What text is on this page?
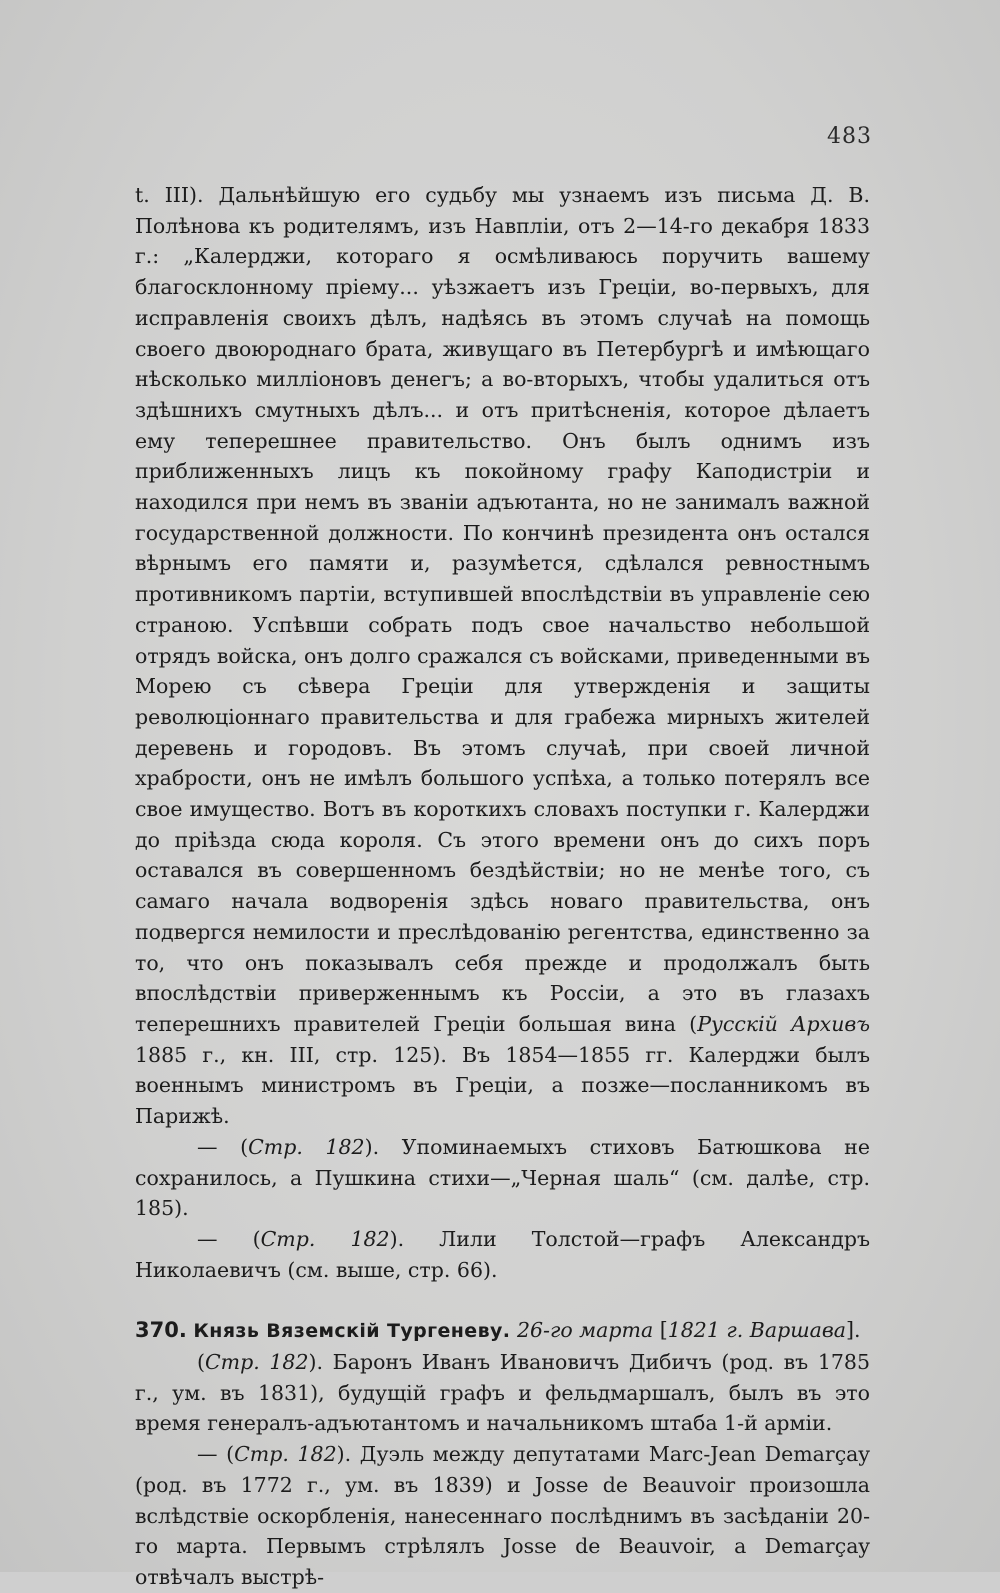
483

t. III). Дальнѣйшую его судьбу мы узнаемъ изъ письма Д. В. Полѣнова къ родителямъ, изъ Навпліи, отъ 2—14-го декабря 1833 г.: „Калерджи, котораго я осмѣливаюсь поручить вашему благосклонному пріему... уѣзжаетъ изъ Греціи, во-первыхъ, для исправленія своихъ дѣлъ, надѣясь въ этомъ случаѣ на помощь своего двоюроднаго брата, живущаго въ Петербургѣ и имѣющаго нѣсколько милліоновъ денегъ; а во-вторыхъ, чтобы удалиться отъ здѣшнихъ смутныхъ дѣлъ... и отъ притѣсненія, которое дѣлаетъ ему теперешнее правительство. Онъ былъ однимъ изъ приближенныхъ лицъ къ покойному графу Каподистріи и находился при немъ въ званіи адъютанта, но не занималъ важной государственной должности. По кончинѣ президента онъ остался вѣрнымъ его памяти и, разумѣется, сдѣлался ревностнымъ противникомъ партіи, вступившей впослѣдствіи въ управленіе сею страною. Успѣвши собрать подъ свое начальство небольшой отрядъ войска, онъ долго сражался съ войсками, приведенными въ Морею съ сѣвера Греціи для утвержденія и защиты революціоннаго правительства и для грабежа мирныхъ жителей деревень и городовъ. Въ этомъ случаѣ, при своей личной храбрости, онъ не имѣлъ большого успѣха, а только потерялъ все свое имущество. Вотъ въ короткихъ словахъ поступки г. Калерджи до пріѣзда сюда короля. Съ этого времени онъ до сихъ поръ оставался въ совершенномъ бездѣйствіи; но не менѣе того, съ самаго начала водворенія здѣсь новаго правительства, онъ подвергся немилости и преслѣдованію регентства, единственно за то, что онъ показывалъ себя прежде и продолжалъ быть впослѣдствіи приверженнымъ къ Россіи, а это въ глазахъ теперешнихъ правителей Греціи большая вина (Русскій Архивъ 1885 г., кн. III, стр. 125). Въ 1854—1855 гг. Калерджи былъ военнымъ министромъ въ Греціи, а позже—посланникомъ въ Парижѣ.

— (Стр. 182). Упоминаемыхъ стиховъ Батюшкова не сохранилось, а Пушкина стихи—„Черная шаль“ (см. далѣе, стр. 185).

— (Стр. 182). Лили Толстой—графъ Александръ Николаевичъ (см. выше, стр. 66).

370. Князь Вяземскій Тургеневу. 26-го марта [1821 г. Варшава].

(Стр. 182). Баронъ Иванъ Ивановичъ Дибичъ (род. въ 1785 г., ум. въ 1831), будущій графъ и фельдмаршалъ, былъ въ это время генералъ-адъютантомъ и начальникомъ штаба 1-й арміи.

— (Стр. 182). Дуэль между депутатами Marc-Jean Demarçay (род. въ 1772 г., ум. въ 1839) и Josse de Beauvoir произошла вслѣдствіе оскорбленія, нанесеннаго послѣднимъ въ засѣданіи 20-го марта. Первымъ стрѣлялъ Josse de Beauvoir, а Demarçay отвѣчалъ выстрѣ-
